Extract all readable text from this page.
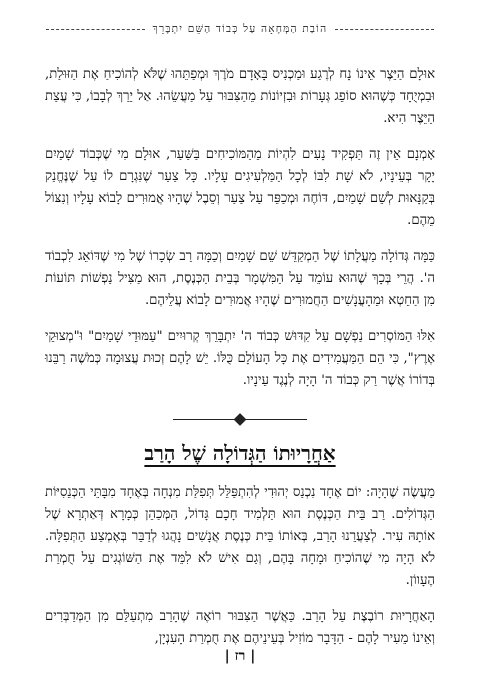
הוֹבַת הַמְּחָאָה עַל כְּבוֹד הַשֵּׁם יִתְבָּרֵךְ

אוּלָם הַיֵּצֶר אֵינוֹ נָח לְרֶגַע וּמַכְנִיס בָּאָדָם מֹרֶךְ וּמְפַתֵּהוּ שֶׁלֹּא לְהוֹכִיחַ אֶת הַזּוּלַת, וּבִמְיֻחָד כְּשֶׁהוּא סוֹפֵג גְּעָרוֹת וּבִזְיוֹנוֹת מֵהַצִּבּוּר עַל מַעֲשֵׂהוּ. אַל יֵרַךְ לְבָבוֹ, כִּי עֲצַת הַיֵּצֶר הִיא.

אָמְנָם אֵין זֶה תַּפְקִיד נָעִים לִהְיוֹת מֵהַמּוֹכִיחִים בַּשַּׁעַר, אוּלָם מִי שֶׁכְּבוֹד שָׁמַיִם יָקָר בְּעֵינָיו, לֹא שָׁת לִבּוֹ לְכָל הַמַּלְעִיגִים עָלָיו. כָּל צַעַר שֶׁנִּגְרָם לוֹ עַל שֶׁנֶּחֱנַק בְּקַנָּאוּת לְשֵׁם שָׁמַיִם, דּוֹחֶה וּמְכַפֵּר עַל צַעַר וְסֵבֶל שֶׁהָיוּ אֲמוּרִים לָבוֹא עָלָיו וְנִצּוֹל מֵהֶם.

כַּמָּה גְּדוֹלָה מַעֲלָתוֹ שֶׁל הַמְקַדֵּשׁ שֵׁם שָׁמַיִם וְכַמָּה רַב שְׂכָרוֹ שֶׁל מִי שֶׁדּוֹאֵג לִכְבוֹד ה'. הֲרֵי בְּכָךְ שֶׁהוּא עוֹמֵד עַל הַמִּשְׁמָר בְּבֵית הַכְּנֶסֶת, הוּא מַצִּיל נַפְשׁוֹת תּוֹעוֹת מִן הַחֵטְא וּמֵהָעֳנָשִׁים הַחֲמוּרִים שֶׁהָיוּ אֲמוּרִים לָבוֹא עֲלֵיהֶם.

אִלּוּ הַמּוֹסְרִים נַפְשָׁם עַל קִדּוּשׁ כְּבוֹד ה' יִתְבָּרֵךְ קְרוּיִים "עַמּוּדֵי שָׁמַיִם" וּ"מְצוּקֵי אֶרֶץ", כִּי הֵם הַמַּעֲמִידִים אֶת כָּל הָעוֹלָם כֻּלּוֹ. יֵשׁ לָהֶם זְכוּת עֲצוּמָה כְּמֹשֶׁה רַבֵּנוּ בְּדוֹרוֹ אֲשֶׁר רַק כְּבוֹד ה' הָיָה לְנֶגֶד עֵינָיו.

אַחֲרָיוּתוֹ הַגְּדוֹלָה שֶׁל הָרַב

מַעֲשֶׂה שֶׁהָיָה: יוֹם אֶחָד נִכְנַס יְהוּדִי לְהִתְפַּלֵּל תְּפִלַּת מִנְחָה בְּאֶחָד מִבָּתֵּי הַכְּנֵסִיּוֹת הַגְּדוֹלִים. רַב בֵּית הַכְּנֶסֶת הוּא תַּלְמִיד חָכָם גָּדוֹל, הַמְּכַהֵן כְּמָרָא דְּאַתְרָא שֶׁל אוֹתָהּ עִיר. לְצַעֲרֵנוּ הָרַב, בְּאוֹתוֹ בֵּית כְּנֶסֶת אֲנָשִׁים נָהֲגוּ לְדַבֵּר בְּאֶמְצַע הַתְּפִלָּה. לֹא הָיָה מִי שֶׁהוֹכִיחַ וּמָחָה בָּהֶם, וְגַם אִישׁ לֹא לִמֵּד אֶת הַשּׁוֹגְגִים עַל חֻמְרַת הֶעָווֹן.

הָאַחֲרָיוּת רוֹבֶצֶת עַל הָרַב. כַּאֲשֶׁר הַצִּבּוּר רוֹאֶה שֶׁהָרַב מִתְעַלֵּם מִן הַמְּדַבְּרִים וְאֵינוֹ מֵעִיר לָהֶם - הַדָּבָר מוֹזִיל בְּעֵינֵיהֶם אֶת חֻמְרַת הָעִנְיָן,

| רז |
